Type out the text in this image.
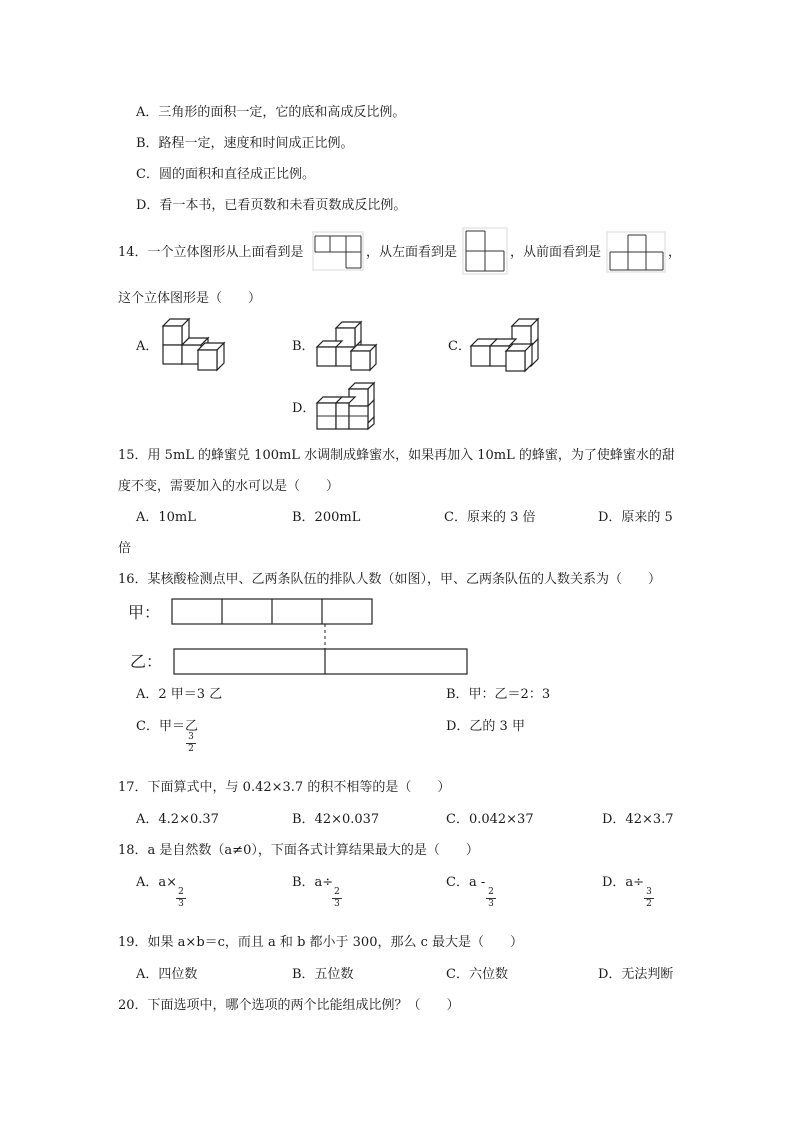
A．三角形的面积一定，它的底和高成反比例。
B．路程一定，速度和时间成正比例。
C．圆的面积和直径成正比例。
D．看一本书，已看页数和未看页数成反比例。
14．一个立体图形从上面看到是	，从左面看到是	，从前面看到是	，
这个立体图形是（　　）
A．	B．	C．
D．
15．用 5mL 的蜂蜜兑 100mL 水调制成蜂蜜水，如果再加入 10mL 的蜂蜜，为了使蜂蜜水的甜
度不变，需要加入的水可以是（　　）
A．10mL	B．200mL	C．原来的 3 倍	D．原来的 5
倍
16．某核酸检测点甲、乙两条队伍的排队人数（如图），甲、乙两条队伍的人数关系为（　　）
甲：
乙：
A．2 甲＝3 乙	B．甲：乙＝2：3
C．甲＝乙
3
2
D．乙的 3 甲
17．下面算式中，与 0.42×3.7 的积不相等的是（　　）
A．4.2×0.37	B．42×0.037	C．0.042×37	D．42×3.7
18．a 是自然数（a≠0），下面各式计算结果最大的是（　　）
A．a×
2
3
B．a÷
2
3
C．a -
2
3
D．a÷
3
2
19．如果 a×b＝c，而且 a 和 b 都小于 300，那么 c 最大是（　　）
A．四位数	B．五位数	C．六位数	D．无法判断
20．下面选项中，哪个选项的两个比能组成比例？（　　）
